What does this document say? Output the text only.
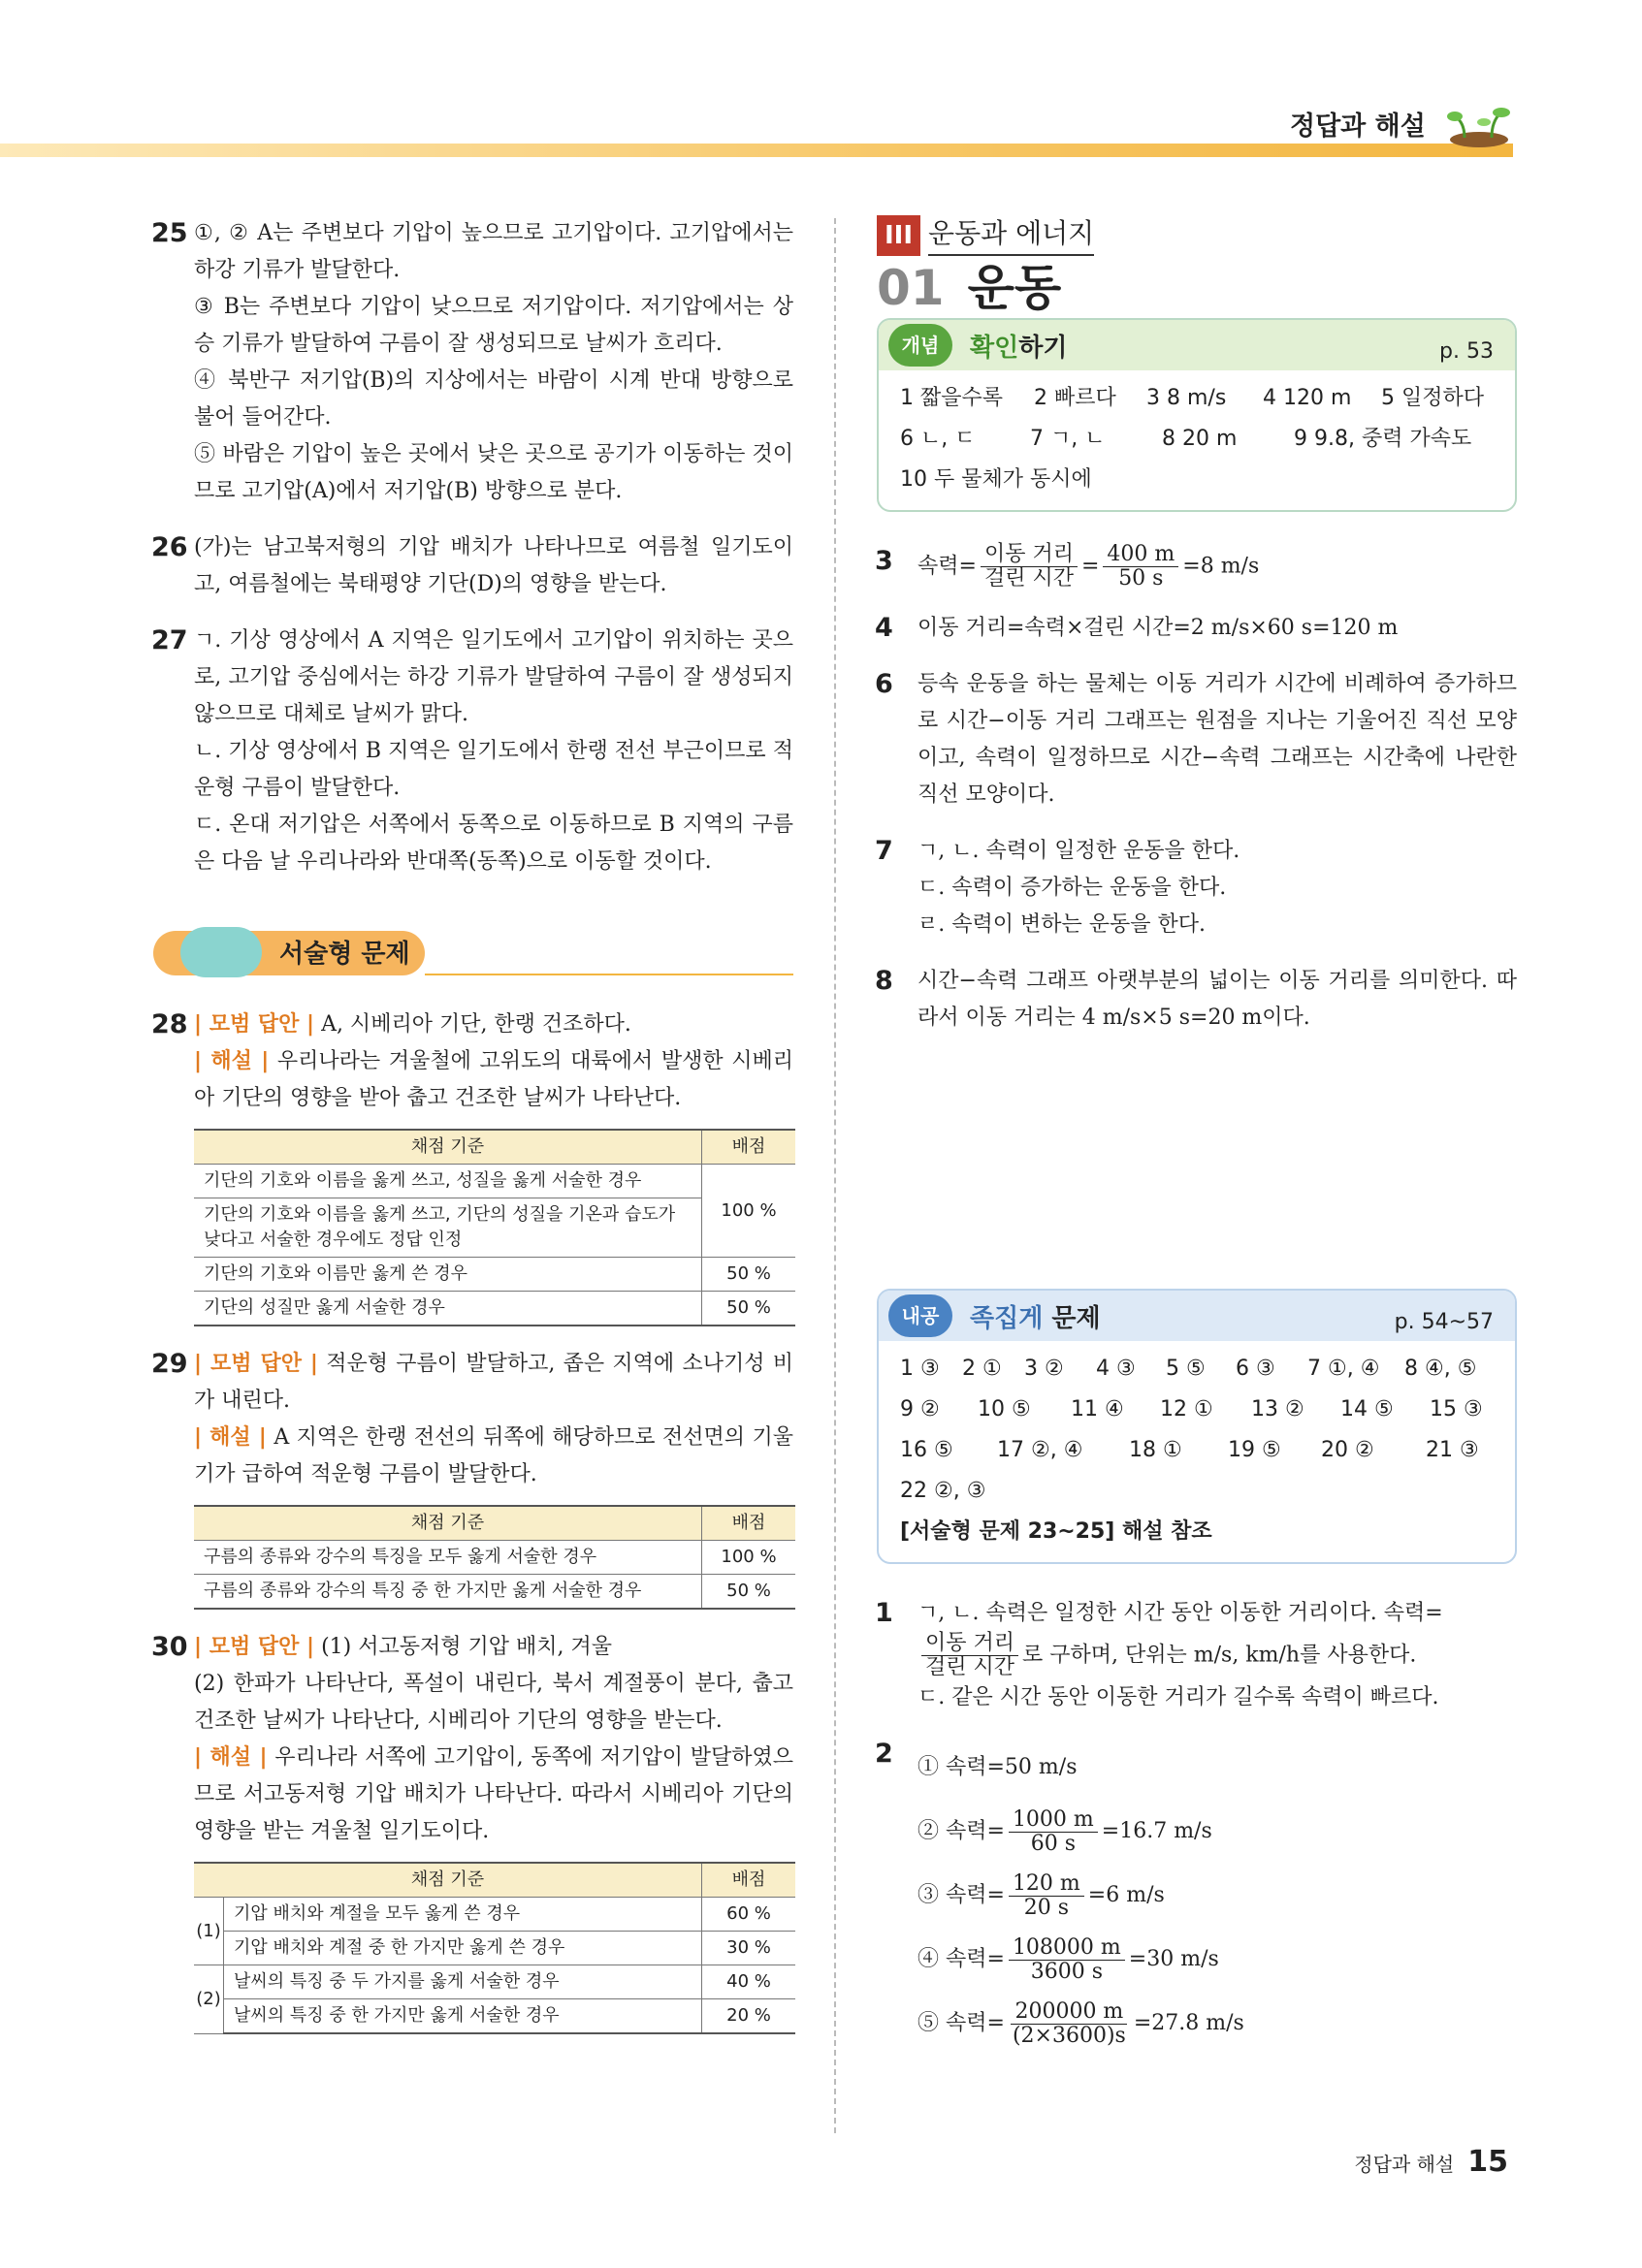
정답과 해설
25 ①, ② A는 주변보다 기압이 높으므로 고기압이다. 고기압에서는 하강 기류가 발달한다.

③ B는 주변보다 기압이 낮으므로 저기압이다. 저기압에서는 상승 기류가 발달하여 구름이 잘 생성되므로 날씨가 흐리다.

④ 북반구 저기압(B)의 지상에서는 바람이 시계 반대 방향으로 불어 들어간다.

⑤ 바람은 기압이 높은 곳에서 낮은 곳으로 공기가 이동하는 것이므로 고기압(A)에서 저기압(B) 방향으로 분다.

26 (가)는 남고북저형의 기압 배치가 나타나므로 여름철 일기도이고, 여름철에는 북태평양 기단(D)의 영향을 받는다.

27 ㄱ. 기상 영상에서 A 지역은 일기도에서 고기압이 위치하는 곳으로, 고기압 중심에서는 하강 기류가 발달하여 구름이 잘 생성되지 않으므로 대체로 날씨가 맑다.

ㄴ. 기상 영상에서 B 지역은 일기도에서 한랭 전선 부근이므로 적운형 구름이 발달한다.

ㄷ. 온대 저기압은 서쪽에서 동쪽으로 이동하므로 B 지역의 구름은 다음 날 우리나라와 반대쪽(동쪽)으로 이동할 것이다.

서술형 문제
28 | 모범 답안 | A, 시베리아 기단, 한랭 건조하다.

| 해설 | 우리나라는 겨울철에 고위도의 대륙에서 발생한 시베리아 기단의 영향을 받아 춥고 건조한 날씨가 나타난다.

채점 기준	배점
기단의 기호와 이름을 옳게 쓰고, 성질을 옳게 서술한 경우	100 %
기단의 기호와 이름을 옳게 쓰고, 기단의 성질을 기온과 습도가 낮다고 서술한 경우에도 정답 인정	
기단의 기호와 이름만 옳게 쓴 경우	50 %
기단의 성질만 옳게 서술한 경우	50 %
29 | 모범 답안 | 적운형 구름이 발달하고, 좁은 지역에 소나기성 비가 내린다.

| 해설 | A 지역은 한랭 전선의 뒤쪽에 해당하므로 전선면의 기울기가 급하여 적운형 구름이 발달한다.

채점 기준	배점
구름의 종류와 강수의 특징을 모두 옳게 서술한 경우	100 %
구름의 종류와 강수의 특징 중 한 가지만 옳게 서술한 경우	50 %
30 | 모범 답안 | (1) 서고동저형 기압 배치, 겨울

(2) 한파가 나타난다, 폭설이 내린다, 북서 계절풍이 분다, 춥고 건조한 날씨가 나타난다, 시베리아 기단의 영향을 받는다.

| 해설 | 우리나라 서쪽에 고기압이, 동쪽에 저기압이 발달하였으므로 서고동저형 기압 배치가 나타난다. 따라서 시베리아 기단의 영향을 받는 겨울철 일기도이다.

채점 기준		배점
(1)	기압 배치와 계절을 모두 옳게 쓴 경우	60 %
	기압 배치와 계절 중 한 가지만 옳게 쓴 경우	30 %
(2)	날씨의 특징 중 두 가지를 옳게 서술한 경우	40 %
	날씨의 특징 중 한 가지만 옳게 서술한 경우	20 %
III 운동과 에너지
01 운동
개념	확인하기	p. 53
1 짧을수록	2 빠르다	3 8 m/s	4 120 m	5 일정하다
6 ㄴ, ㄷ	7 ㄱ, ㄴ	8 20 m	9 9.8, 중력 가속도
10 두 물체가 동시에
3 속력= $\frac{\text{이동 거리}}{\text{걸린 시간}} = \frac{400 m}{50 s} =8$ m/s
4 이동 거리=속력×걸린 시간=2 m/s×60 s=120 m

6 등속 운동을 하는 물체는 이동 거리가 시간에 비례하여 증가하므로 시간−이동 거리 그래프는 원점을 지나는 기울어진 직선 모양이고, 속력이 일정하므로 시간−속력 그래프는 시간축에 나란한 직선 모양이다.

7 ㄱ, ㄴ. 속력이 일정한 운동을 한다.

ㄷ. 속력이 증가하는 운동을 한다.

ㄹ. 속력이 변하는 운동을 한다.

8 시간−속력 그래프 아랫부분의 넓이는 이동 거리를 의미한다. 따라서 이동 거리는 4 m/s×5 s=20 m이다.

내공	족집게 문제	p. 54~57
1 ③	2 ①	3 ②	4 ③	5 ⑤	6 ③	7 ①, ④	8 ④, ⑤
9 ②	10 ⑤	11 ④	12 ①	13 ②	14 ⑤	15 ③
16 ⑤	17 ②, ④	18 ①	19 ⑤	20 ②	21 ③
22 ②, ③
[서술형 문제 23~25] 해설 참조
1 ㄱ, ㄴ. 속력은 일정한 시간 동안 이동한 거리이다. 속력=

$\frac{\text{이동 거리}}{\text{걸린 시간}}$ 로 구하며, 단위는 m/s, km/h를 사용한다.

ㄷ. 같은 시간 동안 이동한 거리가 길수록 속력이 빠르다.

2 ① 속력=50 m/s

② 속력= $\frac{1000 m}{60 s} =16.7$ m/s

③ 속력= $\frac{120 m}{20 s} =6$ m/s

④ 속력= $\frac{108000 m}{3600 s} =30$ m/s

⑤ 속력= $\frac{200000 m}{(2\times 3600)s} =27.8$ m/s

정답과 해설 15
